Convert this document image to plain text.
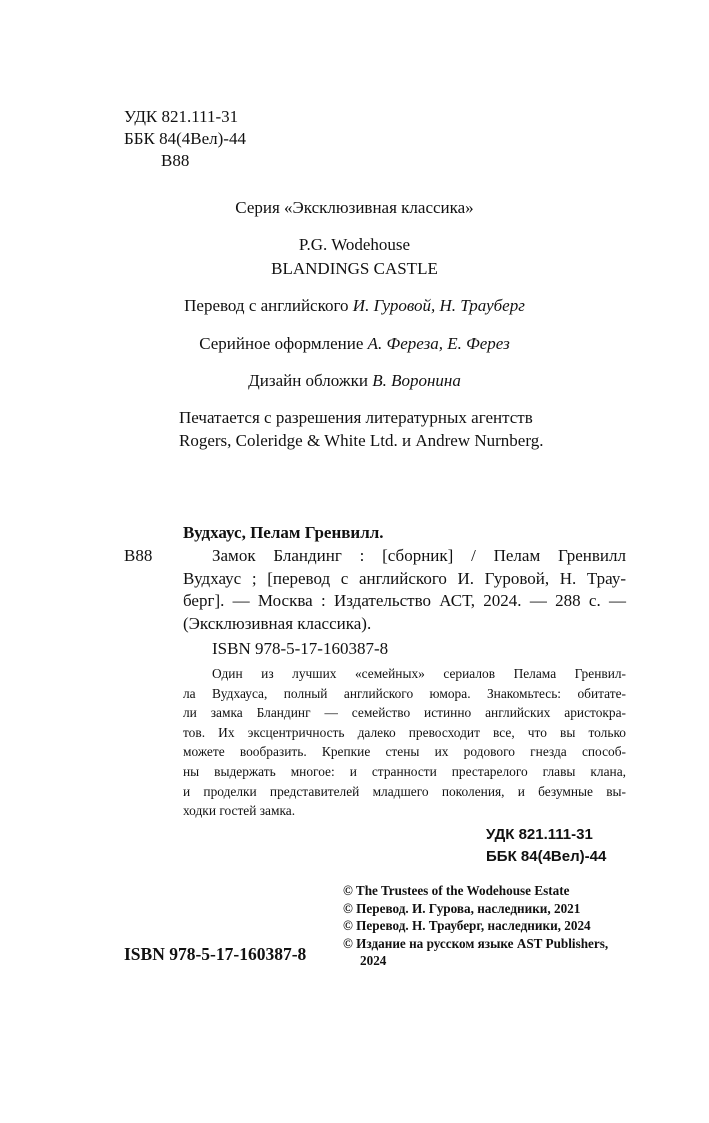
УДК 821.111-31
ББК 84(4Вел)-44
В88
Серия «Эксклюзивная классика»
P.G. Wodehouse
BLANDINGS CASTLE
Перевод с английского И. Гуровой, Н. Трауберг
Серийное оформление А. Фереза, Е. Ферез
Дизайн обложки В. Воронина
Печатается с разрешения литературных агентств
Rogers, Coleridge & White Ltd. и Andrew Nurnberg.
Вудхаус, Пелам Гренвилл.
В88	Замок Бландинг : [сборник] / Пелам Гренвилл

Вудхаус ; [перевод с английского И. Гуровой, Н. Трау-

берг]. — Москва : Издательство АСТ, 2024. — 288 с. —

(Эксклюзивная классика).

ISBN 978-5-17-160387-8

Один из лучших «семейных» сериалов Пелама Гренвил-

ла Вудхауса, полный английского юмора. Знакомьтесь: обитате-

ли замка Бландинг — семейство истинно английских аристокра-

тов. Их эксцентричность далеко превосходит все, что вы только

можете вообразить. Крепкие стены их родового гнезда способ-

ны выдержать многое: и странности престарелого главы клана,

и проделки представителей младшего поколения, и безумные вы-

ходки гостей замка.

УДК 821.111-31
ББК 84(4Вел)-44
ISBN 978-5-17-160387-8
© The Trustees of the Wodehouse Estate
© Перевод. И. Гурова, наследники, 2021
© Перевод. Н. Трауберг, наследники, 2024
© Издание на русском языке AST Publishers,
2024
